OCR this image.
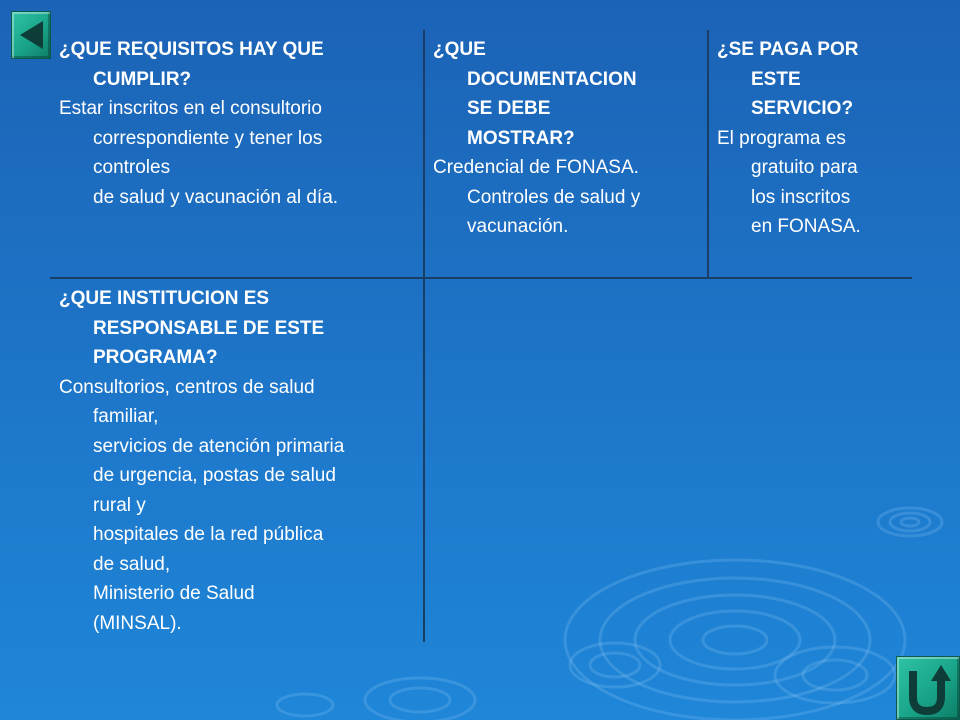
¿QUE REQUISITOS HAY QUE
CUMPLIR?

Estar inscritos en el consultorio
correspondiente y tener los
controles
de salud y vacunación al día.

¿QUE
DOCUMENTACION
SE DEBE
MOSTRAR?

Credencial de FONASA.
Controles de salud y
vacunación.

¿SE PAGA POR
ESTE
SERVICIO?

El programa es
gratuito para
los inscritos
en FONASA.

¿QUE INSTITUCION ES
RESPONSABLE DE ESTE
PROGRAMA?

Consultorios, centros de salud
familiar,
servicios de atención primaria
de urgencia, postas de salud
rural y
hospitales de la red pública
de salud,
Ministerio de Salud
(MINSAL).
